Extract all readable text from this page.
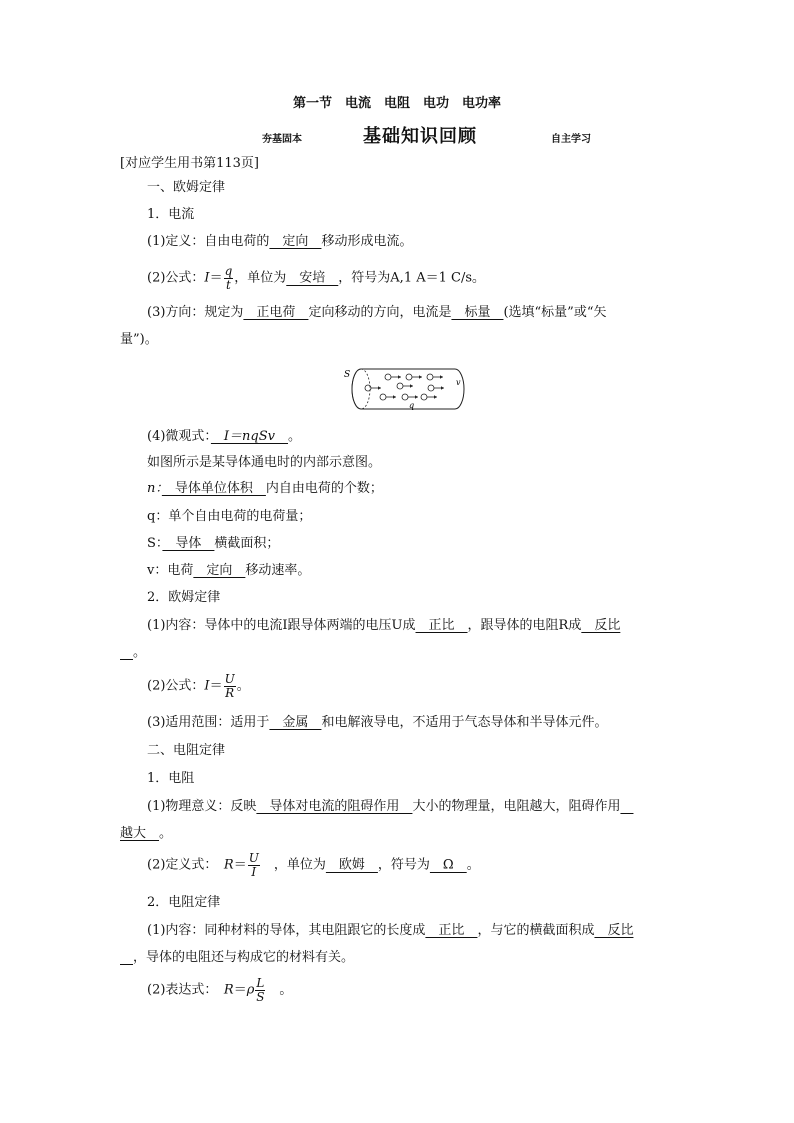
第一节　电流　电阻　电功　电功率
夯基固本	基础知识回顾	自主学习
[对应学生用书第113页]
一、欧姆定律
1．电流
(1)定义：自由电荷的　定向　移动形成电流。
(2)公式：$I= \frac{q}{t}$ ，单位为　安培　，符号为A,1 A＝1 C/s。
(3)方向：规定为　正电荷　定向移动的方向，电流是　标量　(选填“标量”或“矢
量”)。
S
v
q
(4)微观式：　I＝nqSv　。
如图所示是某导体通电时的内部示意图。
n：　导体单位体积　内自由电荷的个数；
q：单个自由电荷的电荷量；
S：　导体　横截面积；
v：电荷　定向　移动速率。
2．欧姆定律
(1)内容：导体中的电流I跟导体两端的电压U成　正比　，跟导体的电阻R成　反比
　。
(2)公式：$I= \frac{U}{R}$ 。
(3)适用范围：适用于　金属　和电解液导电，不适用于气态导体和半导体元件。
二、电阻定律
1．电阻
(1)物理意义：反映　导体对电流的阻碍作用　大小的物理量，电阻越大，阻碍作用　
越大　。
(2)定义式：　$R= \frac{U}{I}$
　 ，单位为　欧姆　，符号为　Ω　。
2．电阻定律
(1)内容：同种材料的导体，其电阻跟它的长度成　正比　，与它的横截面积成　反比
　，导体的电阻还与构成它的材料有关。
(2)表达式：　$R=\rho \frac{L}{S}$ 　。
